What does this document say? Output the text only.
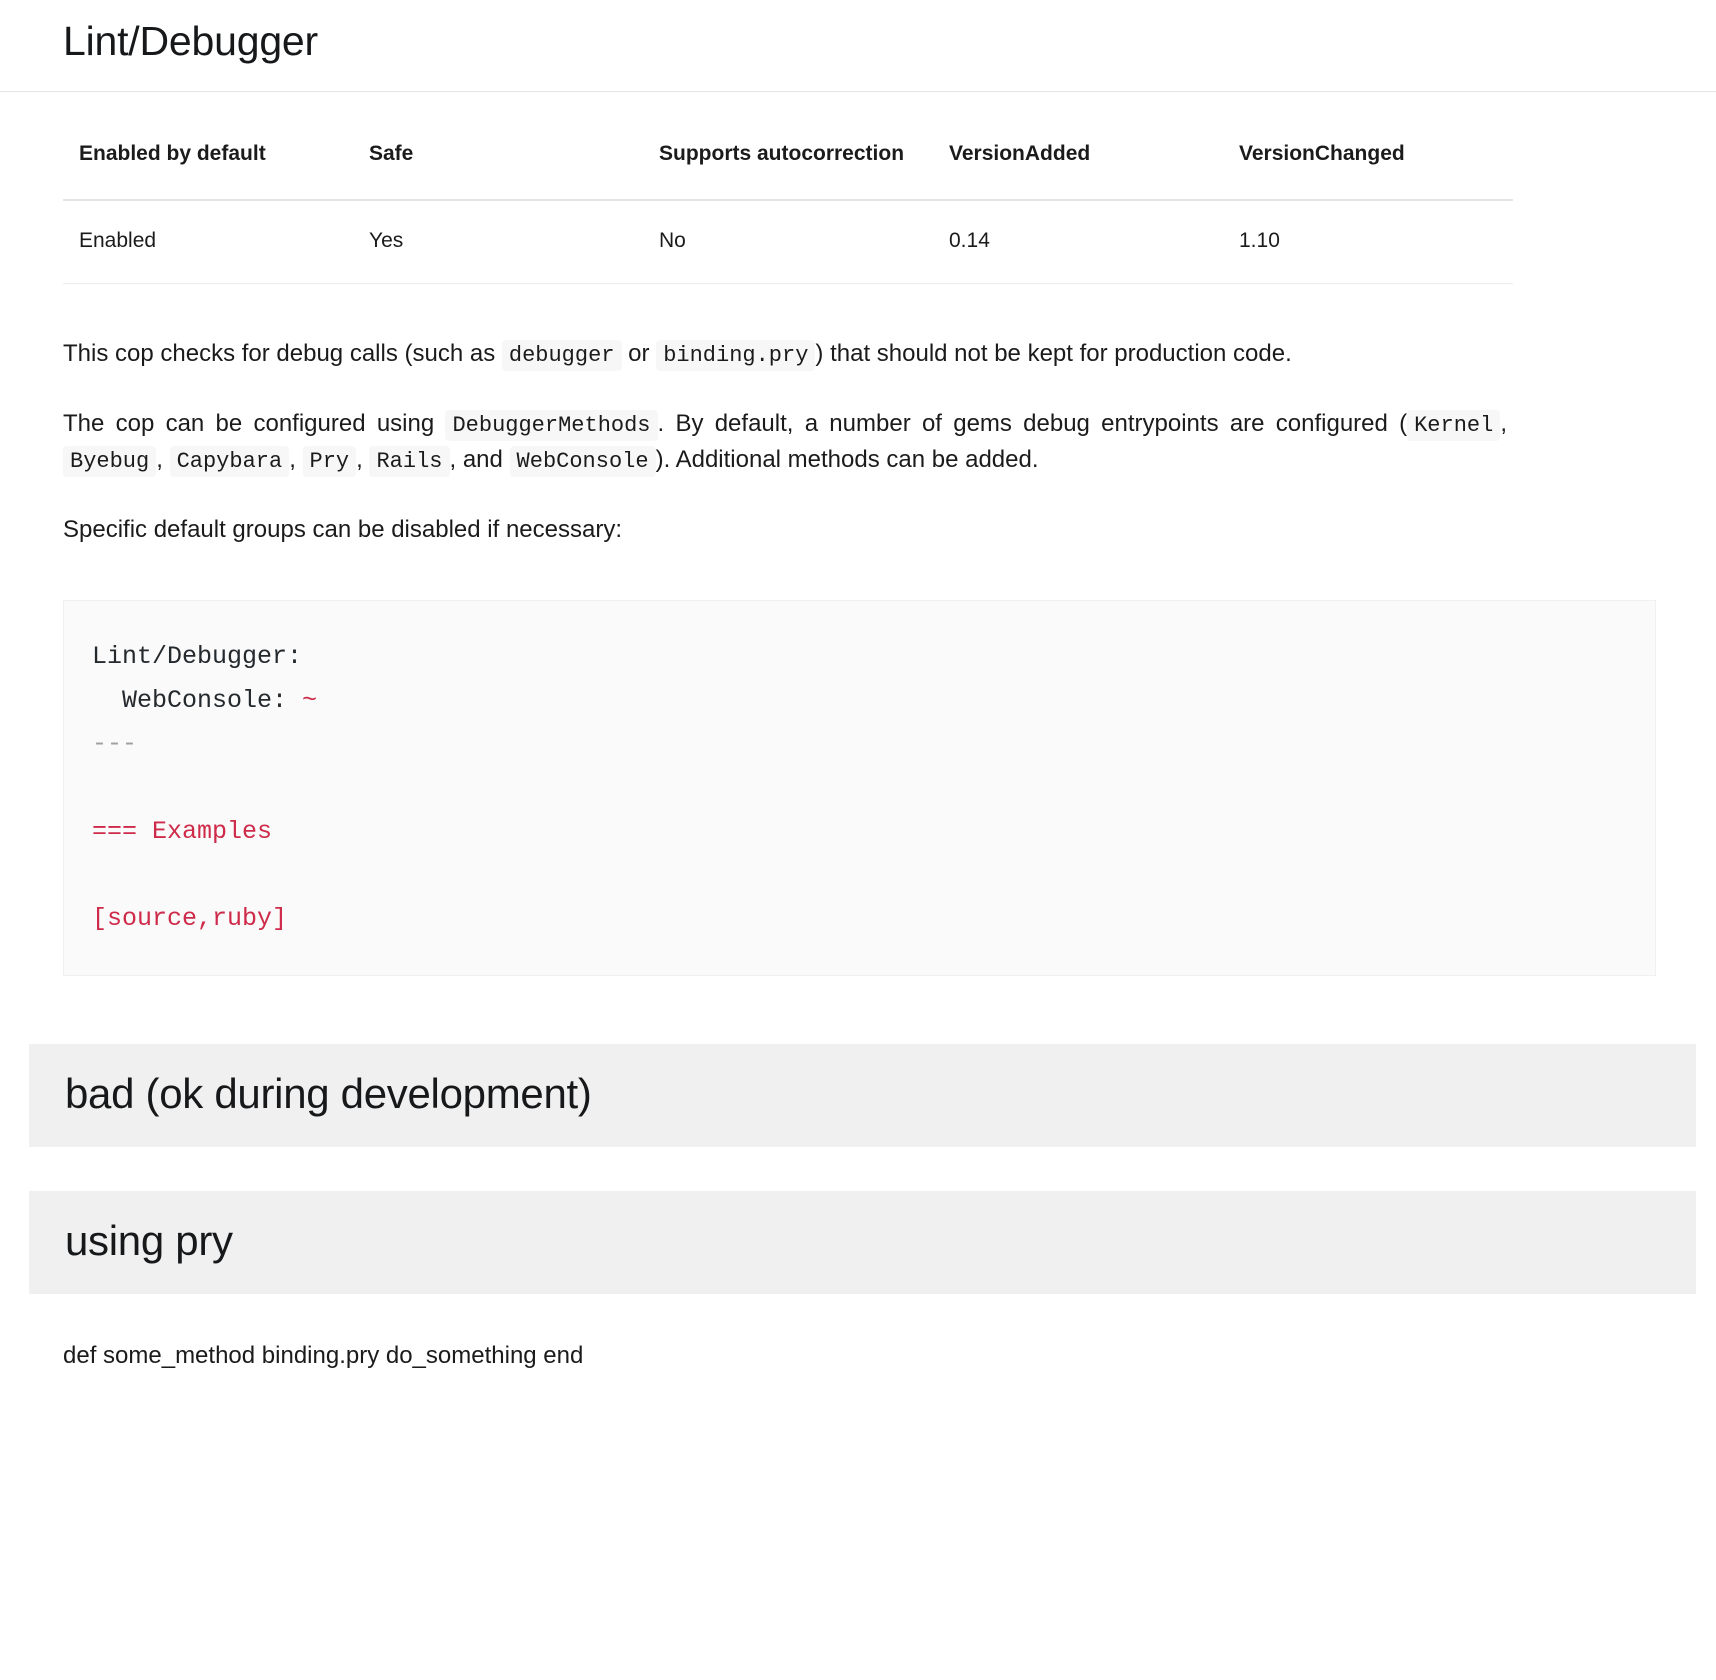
Lint/Debugger
Enabled by default	Safe	Supports autocorrection	VersionAdded	VersionChanged
Enabled	Yes	No	0.14	1.10

This cop checks for debug calls (such as debugger or binding.pry ) that should not be kept for production code.

The cop can be configured using DebuggerMethods . By default, a number of gems debug entrypoints are configured ( Kernel , Byebug , Capybara , Pry , Rails , and WebConsole ). Additional methods can be added.

Specific default groups can be disabled if necessary:

Lint/Debugger:
WebConsole: ~
---

=== Examples

[source,ruby]
bad (ok during development)
using pry
def some_method binding.pry do_something end
